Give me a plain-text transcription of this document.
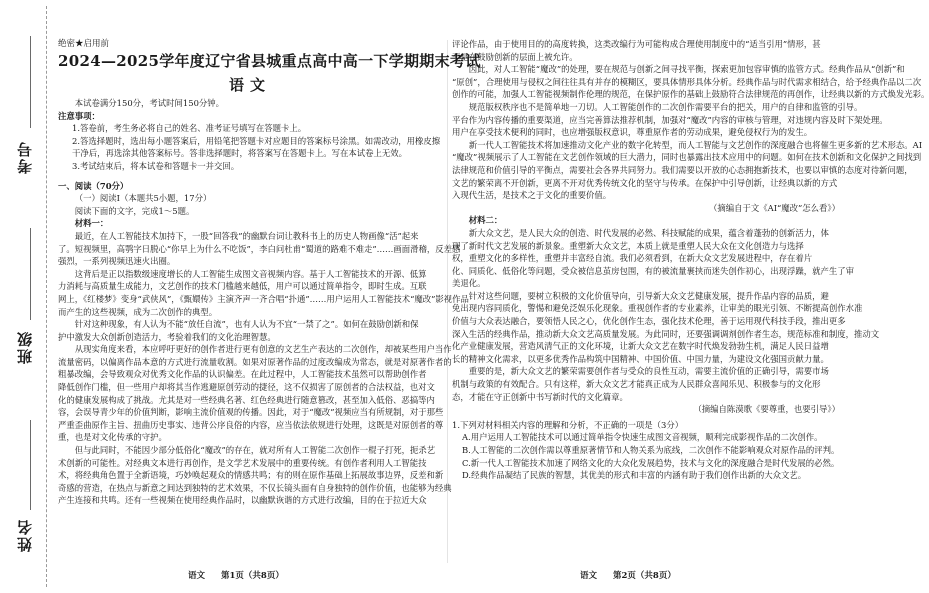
考号
班级
姓名
绝密★启用前
2024—2025学年度辽宁省县城重点高中高一下学期期末考试
语文
本试卷满分150分，考试时间150分钟。
注意事项：
1.答卷前，考生务必将自己的姓名、准考证号填写在答题卡上。
2.答选择题时，选出每小题答案后，用铅笔把答题卡对应题目的答案标号涂黑。如需改动，用橡皮擦干净后，再选涂其他答案标号。答非选择题时，将答案写在答题卡上。写在本试卷上无效。
3.考试结束后，将本试卷和答题卡一并交回。
一、阅读（70分）
（一）阅读Ⅰ（本题共5小题，17分）
阅读下面的文字，完成1～5题。
材料一：
最近，在人工智能技术加持下，一股“回答我”的幽默台词让教科书上的历史人物画像“活”起来
了。短视频里，高鹗字日脱心“你早上为什么不吃饭”，李白问杜甫“蜀道的路难不难走”……画面滑稽，反差感
强烈，一系列视频迅速火出圈。
这背后是正以指数级速度增长的人工智能生成图文音视频内容。基于人工智能技术的开源、低算
力消耗与高质量生成能力，文艺创作的技术门槛越来越低，用户可以通过简单指令，即时生成。互联
网上，《红楼梦》变身“武侠风”，《甄嬛传》主演齐声一齐合唱“扑通”……用户运用人工智能技术“魔改”影视作品
而产生的这些视频，成为二次创作的典型。
针对这种现象，有人认为不能“放任自流”，也有人认为不宜“一禁了之”。如何在鼓励创新和保
护中激发大众创新创造活力，考验着我们的文化治理智慧。
从现实角度来看，本应呼吁更好的创作者进行更有创意的文艺生产表达的二次创作，却被某些用户当作
流量密码，以偏离作品本意的方式进行流量收割。如果对原著作品的过度改编成为常态，就是对原著作者的
粗暴改编，会导致观众对优秀文化作品的认识偏差。在此过程中，人工智能技术虽然可以帮助创作者
降低创作门槛，但一些用户却将其当作逃避原创劳动的捷径，这不仅损害了原创者的合法权益，也对文
化的健康发展构成了挑战。尤其是对一些经典名著、红色经典进行随意篡改，甚至加入低俗、恶搞等内
容，会误导青少年的价值判断，影响主流价值观的传播。因此，对于“魔改”视频应当有所规制，对于那些
严重歪曲原作主旨、扭曲历史事实、违背公序良俗的内容，应当依法依规进行处理，这既是对原创者的尊
重，也是对文化传承的守护。
但与此同时，不能因少部分低俗化“魔改”的存在，就对所有人工智能二次创作一棍子打死，扼杀艺
术创新的可能性。对经典文本进行再创作，是文学艺术发展中的重要传统。有创作者利用人工智能技
术，将经典角色置于全新语境，巧妙唤起观众的情感共鸣；有的则在原作基础上拓展故事边界，反差和新
奇感的营造，在热点与新意之间达到独特的艺术效果，不仅长镜头面有自身独特的创作价值，也能够为经典
产生连接和共鸣。还有一些视频在使用经典作品时，以幽默诙谐的方式进行改编，目的在于拉近大众
语文 第1页（共8页）
评论作品，由于使用目的的高度转换，这类改编行为可能构成合理使用制度中的“适当引用”情形，甚
至是在鼓励创新的层面上被允许。
因此，对人工智能“魔改”的处理，要在规范与创新之间寻找平衡，探索更加包容审慎的监管方式。经典作品从“创新”和
“原创”，合理使用与侵权之间往往具有并存的模糊区，要具体情形具体分析。经典作品与时代需求相结合，给予经典作品以二次
创作的可能，加强人工智能视频制作伦理的规范，在保护原作的基础上鼓励符合法律规范的再创作，让经典以新的方式焕发光彩。
规范版权秩序也不是简单地一刀切。人工智能创作的二次创作需要平台的把关，用户的自律和监管的引导。
平台作为内容传播的重要渠道，应当完善算法推荐机制，加强对“魔改”内容的审核与管理，对违规内容及时下架处理。
用户在享受技术便利的同时，也应增强版权意识，尊重原作者的劳动成果，避免侵权行为的发生。
新一代人工智能技术将加速推动文化产业的数字化转型，而人工智能与文艺创作的深度融合也将催生更多新的艺术形态。AI
“魔改”视频展示了人工智能在文艺创作领域的巨大潜力，同时也暴露出技术应用中的问题。如何在技术创新和文化保护之间找到
法律规范和价值引导的平衡点，需要社会各界共同努力。我们需要以开放的心态拥抱新技术，也要以审慎的态度对待新问题，
文艺的繁荣离不开创新，更离不开对优秀传统文化的坚守与传承。在保护中引导创新，让经典以新的方式
入现代生活，是技术之于文化的重要价值。
（摘编自于文《AI“魔改”怎么看》）
材料二：
新大众文艺，是人民大众的创造、时代发展的必然、科技赋能的成果，蕴含着蓬勃的创新活力，体
现了新时代文艺发展的新景象。重塑新大众文艺，本质上就是重塑人民大众在文化创造力与选择
权，重塑文化的多样性，重塑并丰富经自流。我们必须看到，在新大众文艺发展进程中，存在着片
化、同质化、低俗化等问题，受众被信息茧房包围，有的被流量裹挟而迷失创作初心，出现浮躁，就产生了审
美退化。
针对这些问题，要树立积极的文化价值导向，引导新大众文艺健康发展，提升作品内容的品质，避
免出现内容同质化，警惕和避免泛娱乐化现象。重视创作者的专业素养，让审美的眼光引领、不断提高创作水准
价值与大众表达融合，要领悟人民之心，优化创作生态，强化技术伦理，善于运用现代科技手段，推出更多
深入生活的经典作品，推动新大众文艺高质量发展。为此同时，还要强调调剂创作者生态，规范标准和制度，推动文
化产业健康发展，营造风清气正的文化环境，让新大众文艺在数字时代焕发勃勃生机，满足人民日益增
长的精神文化需求，以更多优秀作品构筑中国精神、中国价值、中国力量，为建设文化强国贡献力量。
重要的是，新大众文艺的繁荣需要创作者与受众的良性互动，需要主流价值的正确引导，需要市场
机制与政策的有效配合。只有这样，新大众文艺才能真正成为人民群众喜闻乐见、积极参与的文化形
态，才能在守正创新中书写新时代的文化篇章。
（摘编自陈漠歌《要尊重，也要引导》）
1.下列对材料相关内容的理解和分析，不正确的一项是（3分）
A.用户运用人工智能技术可以通过简单指令快速生成图文音视频，顺利完成影视作品的二次创作。
B.人工智能的二次创作需以尊重原著情节和人物关系为底线，二次创作不能影响观众对原作品的评判。
C.新一代人工智能技术加速了网络文化的大众化发展趋势，技术与文化的深度融合是时代发展的必然。
D.经典作品凝结了民族的智慧，其优美的形式和丰富的内涵有助于我们创作出新的大众文艺。
语文 第2页（共8页）
